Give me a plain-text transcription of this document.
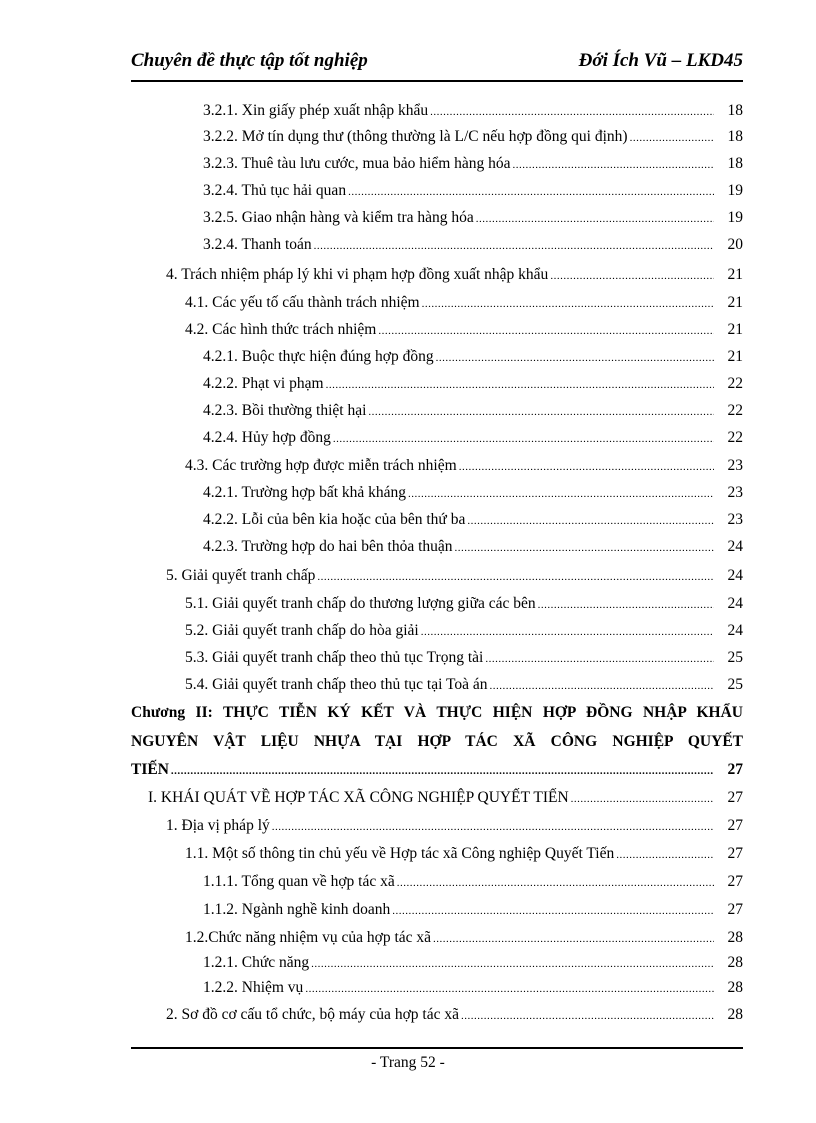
Chuyên đề thực tập tốt nghiệp	Đới Ích Vũ – LKD45
3.2.1. Xin giấy phép xuất nhập khẩu .....	18
3.2.2. Mở tín dụng thư (thông thường là L/C nếu hợp đồng qui định) .....	18
3.2.3. Thuê tàu lưu cước, mua bảo hiểm hàng hóa .....	18
3.2.4. Thủ tục hải quan .....	19
3.2.5. Giao nhận hàng và kiểm tra hàng hóa .....	19
3.2.4. Thanh toán .....	20
4. Trách nhiệm pháp lý khi vi phạm hợp đồng xuất nhập khẩu .....	21
4.1. Các yếu tố cấu thành trách nhiệm .....	21
4.2. Các hình thức trách nhiệm .....	21
4.2.1. Buộc thực hiện đúng hợp đồng .....	21
4.2.2. Phạt vi phạm .....	22
4.2.3. Bồi thường thiệt hại .....	22
4.2.4. Hủy hợp đồng .....	22
4.3. Các trường hợp được miễn trách nhiệm .....	23
4.2.1. Trường hợp bất khả kháng .....	23
4.2.2. Lỗi của bên kia hoặc của bên thứ ba .....	23
4.2.3. Trường hợp do hai bên thỏa thuận .....	24
5. Giải quyết tranh chấp .....	24
5.1. Giải quyết tranh chấp do thương lượng giữa các bên .....	24
5.2. Giải quyết tranh chấp do hòa giải .....	24
5.3. Giải quyết tranh chấp theo thủ tục Trọng tài .....	25
5.4. Giải quyết tranh chấp theo thủ tục tại Toà án .....	25
Chương II: THỰC TIỄN KÝ KẾT VÀ THỰC HIỆN HỢP ĐỒNG NHẬP KHẨU
NGUYÊN VẬT LIỆU NHỰA TẠI HỢP TÁC XÃ CÔNG NGHIỆP QUYẾT
TIẾN .....	27
I. KHÁI QUÁT VỀ HỢP TÁC XÃ CÔNG NGHIỆP QUYẾT TIẾN .....	27
1. Địa vị pháp lý .....	27
1.1. Một số thông tin chủ yếu về Hợp tác xã Công nghiệp Quyết Tiến .....	27
1.1.1. Tổng quan về hợp tác xã .....	27
1.1.2. Ngành nghề kinh doanh .....	27
1.2.Chức năng nhiệm vụ của hợp tác xã .....	28
1.2.1. Chức năng .....	28
1.2.2. Nhiệm vụ .....	28
2. Sơ đồ cơ cấu tổ chức, bộ máy của hợp tác xã .....	28
- Trang 52 -
